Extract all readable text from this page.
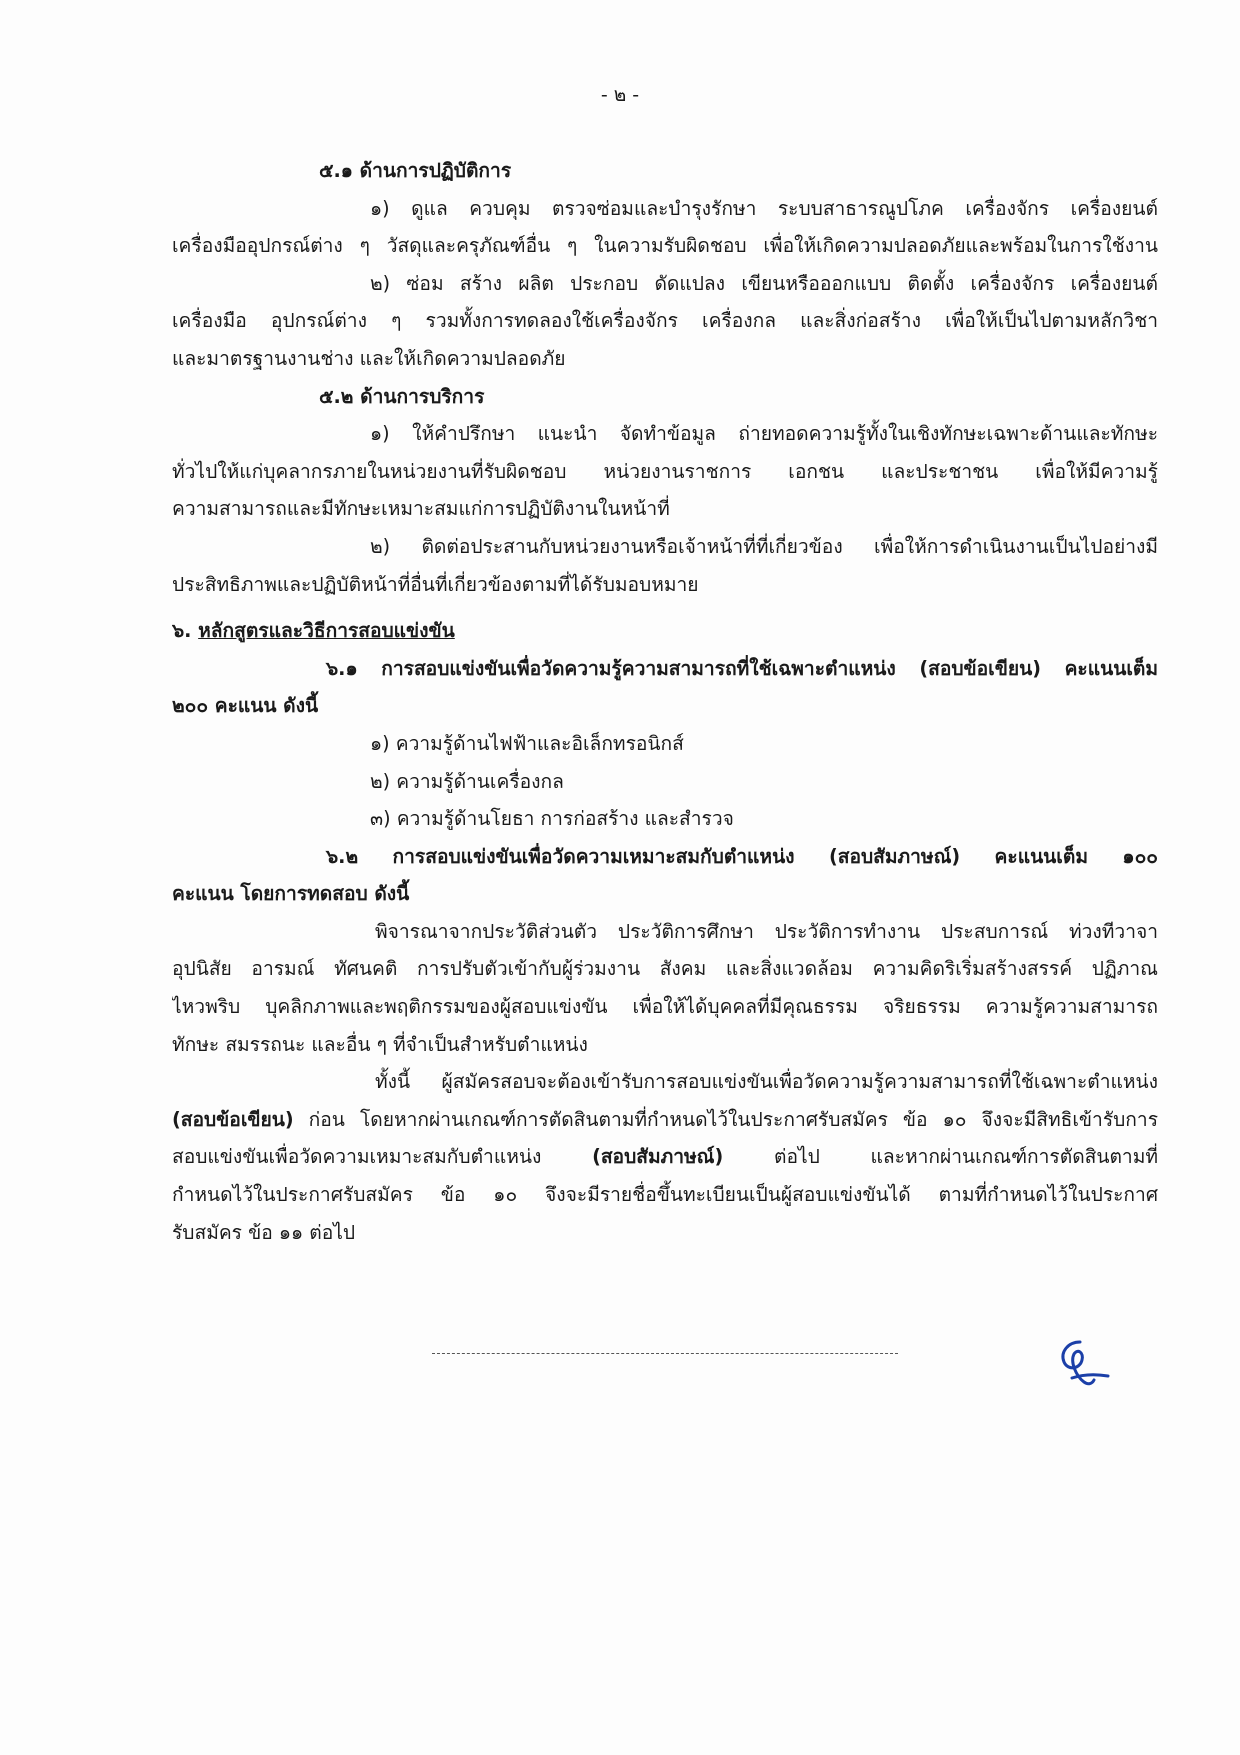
- ๒ -
๕.๑ ด้านการปฏิบัติการ
๑) ดูแล ควบคุม ตรวจซ่อมและบำรุงรักษา ระบบสาธารณูปโภค เครื่องจักร เครื่องยนต์
เครื่องมืออุปกรณ์ต่าง ๆ วัสดุและครุภัณฑ์อื่น ๆ ในความรับผิดชอบ เพื่อให้เกิดความปลอดภัยและพร้อมในการใช้งาน
๒) ซ่อม สร้าง ผลิต ประกอบ ดัดแปลง เขียนหรือออกแบบ ติดตั้ง เครื่องจักร เครื่องยนต์
เครื่องมือ อุปกรณ์ต่าง ๆ รวมทั้งการทดลองใช้เครื่องจักร เครื่องกล และสิ่งก่อสร้าง เพื่อให้เป็นไปตามหลักวิชา
และมาตรฐานงานช่าง และให้เกิดความปลอดภัย
๕.๒ ด้านการบริการ
๑) ให้คำปรึกษา แนะนำ จัดทำข้อมูล ถ่ายทอดความรู้ทั้งในเชิงทักษะเฉพาะด้านและทักษะ
ทั่วไปให้แก่บุคลากรภายในหน่วยงานที่รับผิดชอบ หน่วยงานราชการ เอกชน และประชาชน เพื่อให้มีความรู้
ความสามารถและมีทักษะเหมาะสมแก่การปฏิบัติงานในหน้าที่
๒) ติดต่อประสานกับหน่วยงานหรือเจ้าหน้าที่ที่เกี่ยวข้อง เพื่อให้การดำเนินงานเป็นไปอย่างมี
ประสิทธิภาพและปฏิบัติหน้าที่อื่นที่เกี่ยวข้องตามที่ได้รับมอบหมาย
๖. หลักสูตรและวิธีการสอบแข่งขัน
๖.๑ การสอบแข่งขันเพื่อวัดความรู้ความสามารถที่ใช้เฉพาะตำแหน่ง (สอบข้อเขียน) คะแนนเต็ม
๒๐๐ คะแนน ดังนี้
๑) ความรู้ด้านไฟฟ้าและอิเล็กทรอนิกส์
๒) ความรู้ด้านเครื่องกล
๓) ความรู้ด้านโยธา การก่อสร้าง และสำรวจ
๖.๒ การสอบแข่งขันเพื่อวัดความเหมาะสมกับตำแหน่ง (สอบสัมภาษณ์) คะแนนเต็ม ๑๐๐
คะแนน โดยการทดสอบ ดังนี้
พิจารณาจากประวัติส่วนตัว ประวัติการศึกษา ประวัติการทำงาน ประสบการณ์ ท่วงทีวาจา
อุปนิสัย อารมณ์ ทัศนคติ การปรับตัวเข้ากับผู้ร่วมงาน สังคม และสิ่งแวดล้อม ความคิดริเริ่มสร้างสรรค์ ปฏิภาณ
ไหวพริบ บุคลิกภาพและพฤติกรรมของผู้สอบแข่งขัน เพื่อให้ได้บุคคลที่มีคุณธรรม จริยธรรม ความรู้ความสามารถ
ทักษะ สมรรถนะ และอื่น ๆ ที่จำเป็นสำหรับตำแหน่ง
ทั้งนี้ ผู้สมัครสอบจะต้องเข้ารับการสอบแข่งขันเพื่อวัดความรู้ความสามารถที่ใช้เฉพาะตำแหน่ง
(สอบข้อเขียน) ก่อน โดยหากผ่านเกณฑ์การตัดสินตามที่กำหนดไว้ในประกาศรับสมัคร ข้อ ๑๐ จึงจะมีสิทธิเข้ารับการ
สอบแข่งขันเพื่อวัดความเหมาะสมกับตำแหน่ง (สอบสัมภาษณ์) ต่อไป และหากผ่านเกณฑ์การตัดสินตามที่
กำหนดไว้ในประกาศรับสมัคร ข้อ ๑๐ จึงจะมีรายชื่อขึ้นทะเบียนเป็นผู้สอบแข่งขันได้ ตามที่กำหนดไว้ในประกาศ
รับสมัคร ข้อ ๑๑ ต่อไป
